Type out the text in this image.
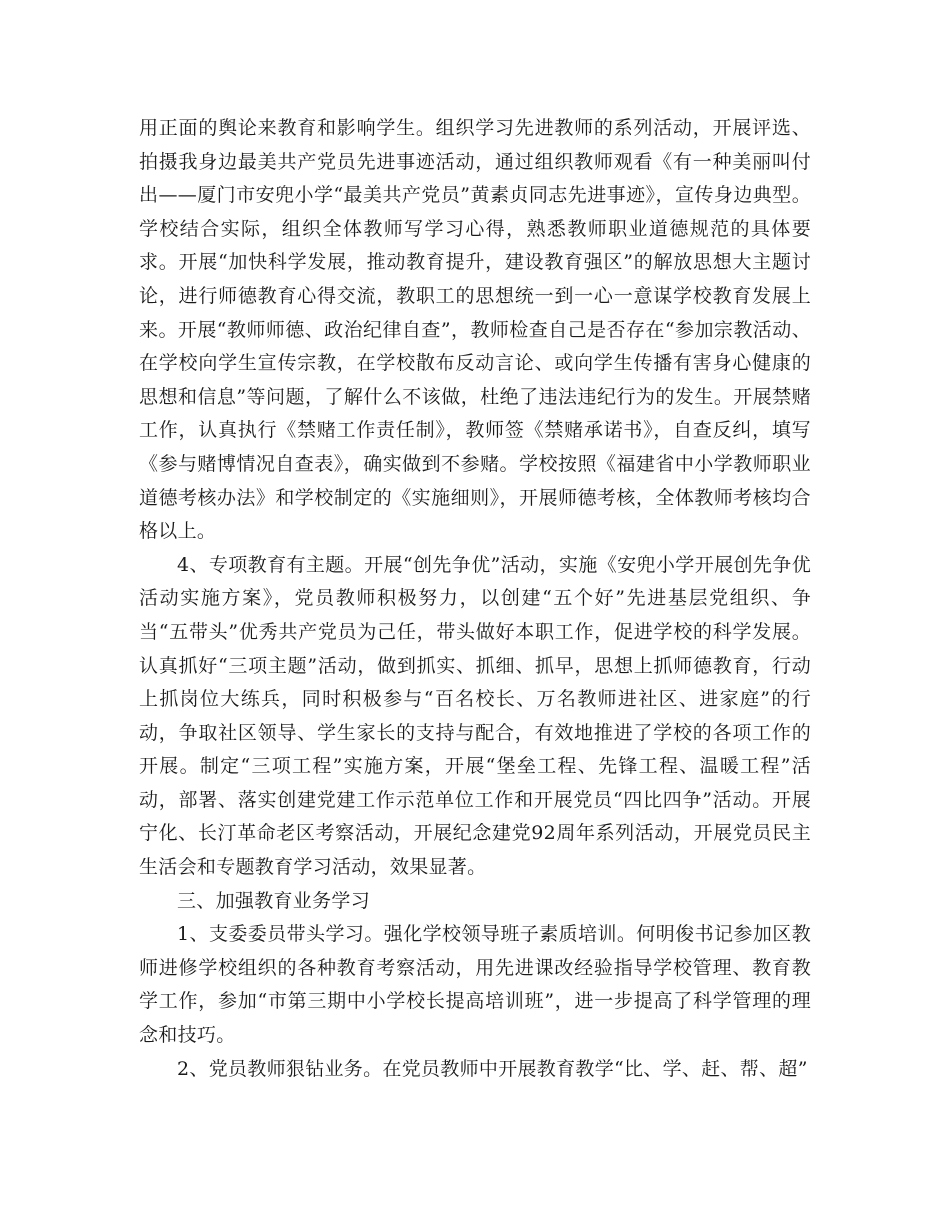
用正面的舆论来教育和影响学生。组织学习先进教师的系列活动，开展评选、拍摄我身边最美共产党员先进事迹活动，通过组织教师观看《有一种美丽叫付出——厦门市安兜小学“最美共产党员”黄素贞同志先进事迹》，宣传身边典型。学校结合实际，组织全体教师写学习心得，熟悉教师职业道德规范的具体要求。开展“加快科学发展，推动教育提升，建设教育强区”的解放思想大主题讨论，进行师德教育心得交流，教职工的思想统一到一心一意谋学校教育发展上来。开展“教师师德、政治纪律自查”，教师检查自己是否存在“参加宗教活动、在学校向学生宣传宗教，在学校散布反动言论、或向学生传播有害身心健康的思想和信息”等问题，了解什么不该做，杜绝了违法违纪行为的发生。开展禁赌工作，认真执行《禁赌工作责任制》，教师签《禁赌承诺书》，自查反纠，填写《参与赌博情况自查表》，确实做到不参赌。学校按照《福建省中小学教师职业道德考核办法》和学校制定的《实施细则》，开展师德考核，全体教师考核均合格以上。

4、专项教育有主题。开展“创先争优”活动，实施《安兜小学开展创先争优活动实施方案》，党员教师积极努力，以创建“五个好”先进基层党组织、争当“五带头”优秀共产党员为己任，带头做好本职工作，促进学校的科学发展。认真抓好“三项主题”活动，做到抓实、抓细、抓早，思想上抓师德教育，行动上抓岗位大练兵，同时积极参与“百名校长、万名教师进社区、进家庭”的行动，争取社区领导、学生家长的支持与配合，有效地推进了学校的各项工作的开展。制定“三项工程”实施方案，开展“堡垒工程、先锋工程、温暖工程”活动，部署、落实创建党建工作示范单位工作和开展党员“四比四争”活动。开展宁化、长汀革命老区考察活动，开展纪念建党92周年系列活动，开展党员民主生活会和专题教育学习活动，效果显著。

三、加强教育业务学习

1、支委委员带头学习。强化学校领导班子素质培训。何明俊书记参加区教师进修学校组织的各种教育考察活动，用先进课改经验指导学校管理、教育教学工作，参加“市第三期中小学校长提高培训班”，进一步提高了科学管理的理念和技巧。

2、党员教师狠钻业务。在党员教师中开展教育教学“比、学、赶、帮、超”
